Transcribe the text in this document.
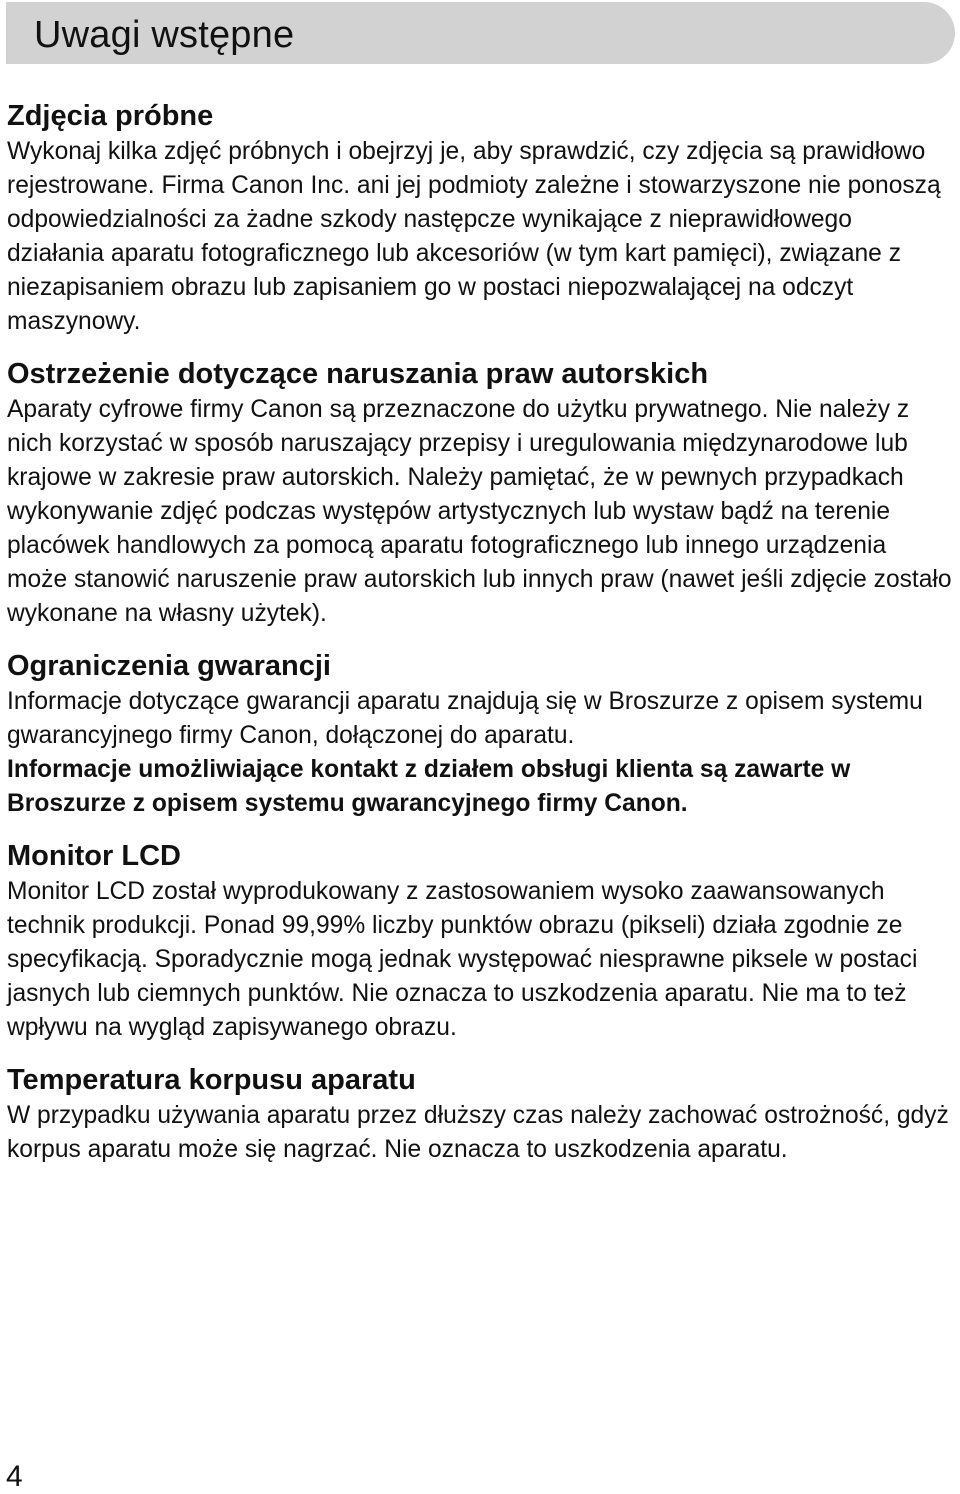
Uwagi wstępne
Zdjęcia próbne

Wykonaj kilka zdjęć próbnych i obejrzyj je, aby sprawdzić, czy zdjęcia są prawidłowo rejestrowane. Firma Canon Inc. ani jej podmioty zależne i stowarzyszone nie ponoszą odpowiedzialności za żadne szkody następcze wynikające z nieprawidłowego działania aparatu fotograficznego lub akcesoriów (w tym kart pamięci), związane z niezapisaniem obrazu lub zapisaniem go w postaci niepozwalającej na odczyt maszynowy.

Ostrzeżenie dotyczące naruszania praw autorskich

Aparaty cyfrowe firmy Canon są przeznaczone do użytku prywatnego. Nie należy z nich korzystać w sposób naruszający przepisy i uregulowania międzynarodowe lub krajowe w zakresie praw autorskich. Należy pamiętać, że w pewnych przypadkach wykonywanie zdjęć podczas występów artystycznych lub wystaw bądź na terenie placówek handlowych za pomocą aparatu fotograficznego lub innego urządzenia może stanowić naruszenie praw autorskich lub innych praw (nawet jeśli zdjęcie zostało wykonane na własny użytek).

Ograniczenia gwarancji

Informacje dotyczące gwarancji aparatu znajdują się w Broszurze z opisem systemu gwarancyjnego firmy Canon, dołączonej do aparatu.

Informacje umożliwiające kontakt z działem obsługi klienta są zawarte w Broszurze z opisem systemu gwarancyjnego firmy Canon.

Monitor LCD

Monitor LCD został wyprodukowany z zastosowaniem wysoko zaawansowanych technik produkcji. Ponad 99,99% liczby punktów obrazu (pikseli) działa zgodnie ze specyfikacją. Sporadycznie mogą jednak występować niesprawne piksele w postaci jasnych lub ciemnych punktów. Nie oznacza to uszkodzenia aparatu. Nie ma to też wpływu na wygląd zapisywanego obrazu.

Temperatura korpusu aparatu

W przypadku używania aparatu przez dłuższy czas należy zachować ostrożność, gdyż korpus aparatu może się nagrzać. Nie oznacza to uszkodzenia aparatu.

4
